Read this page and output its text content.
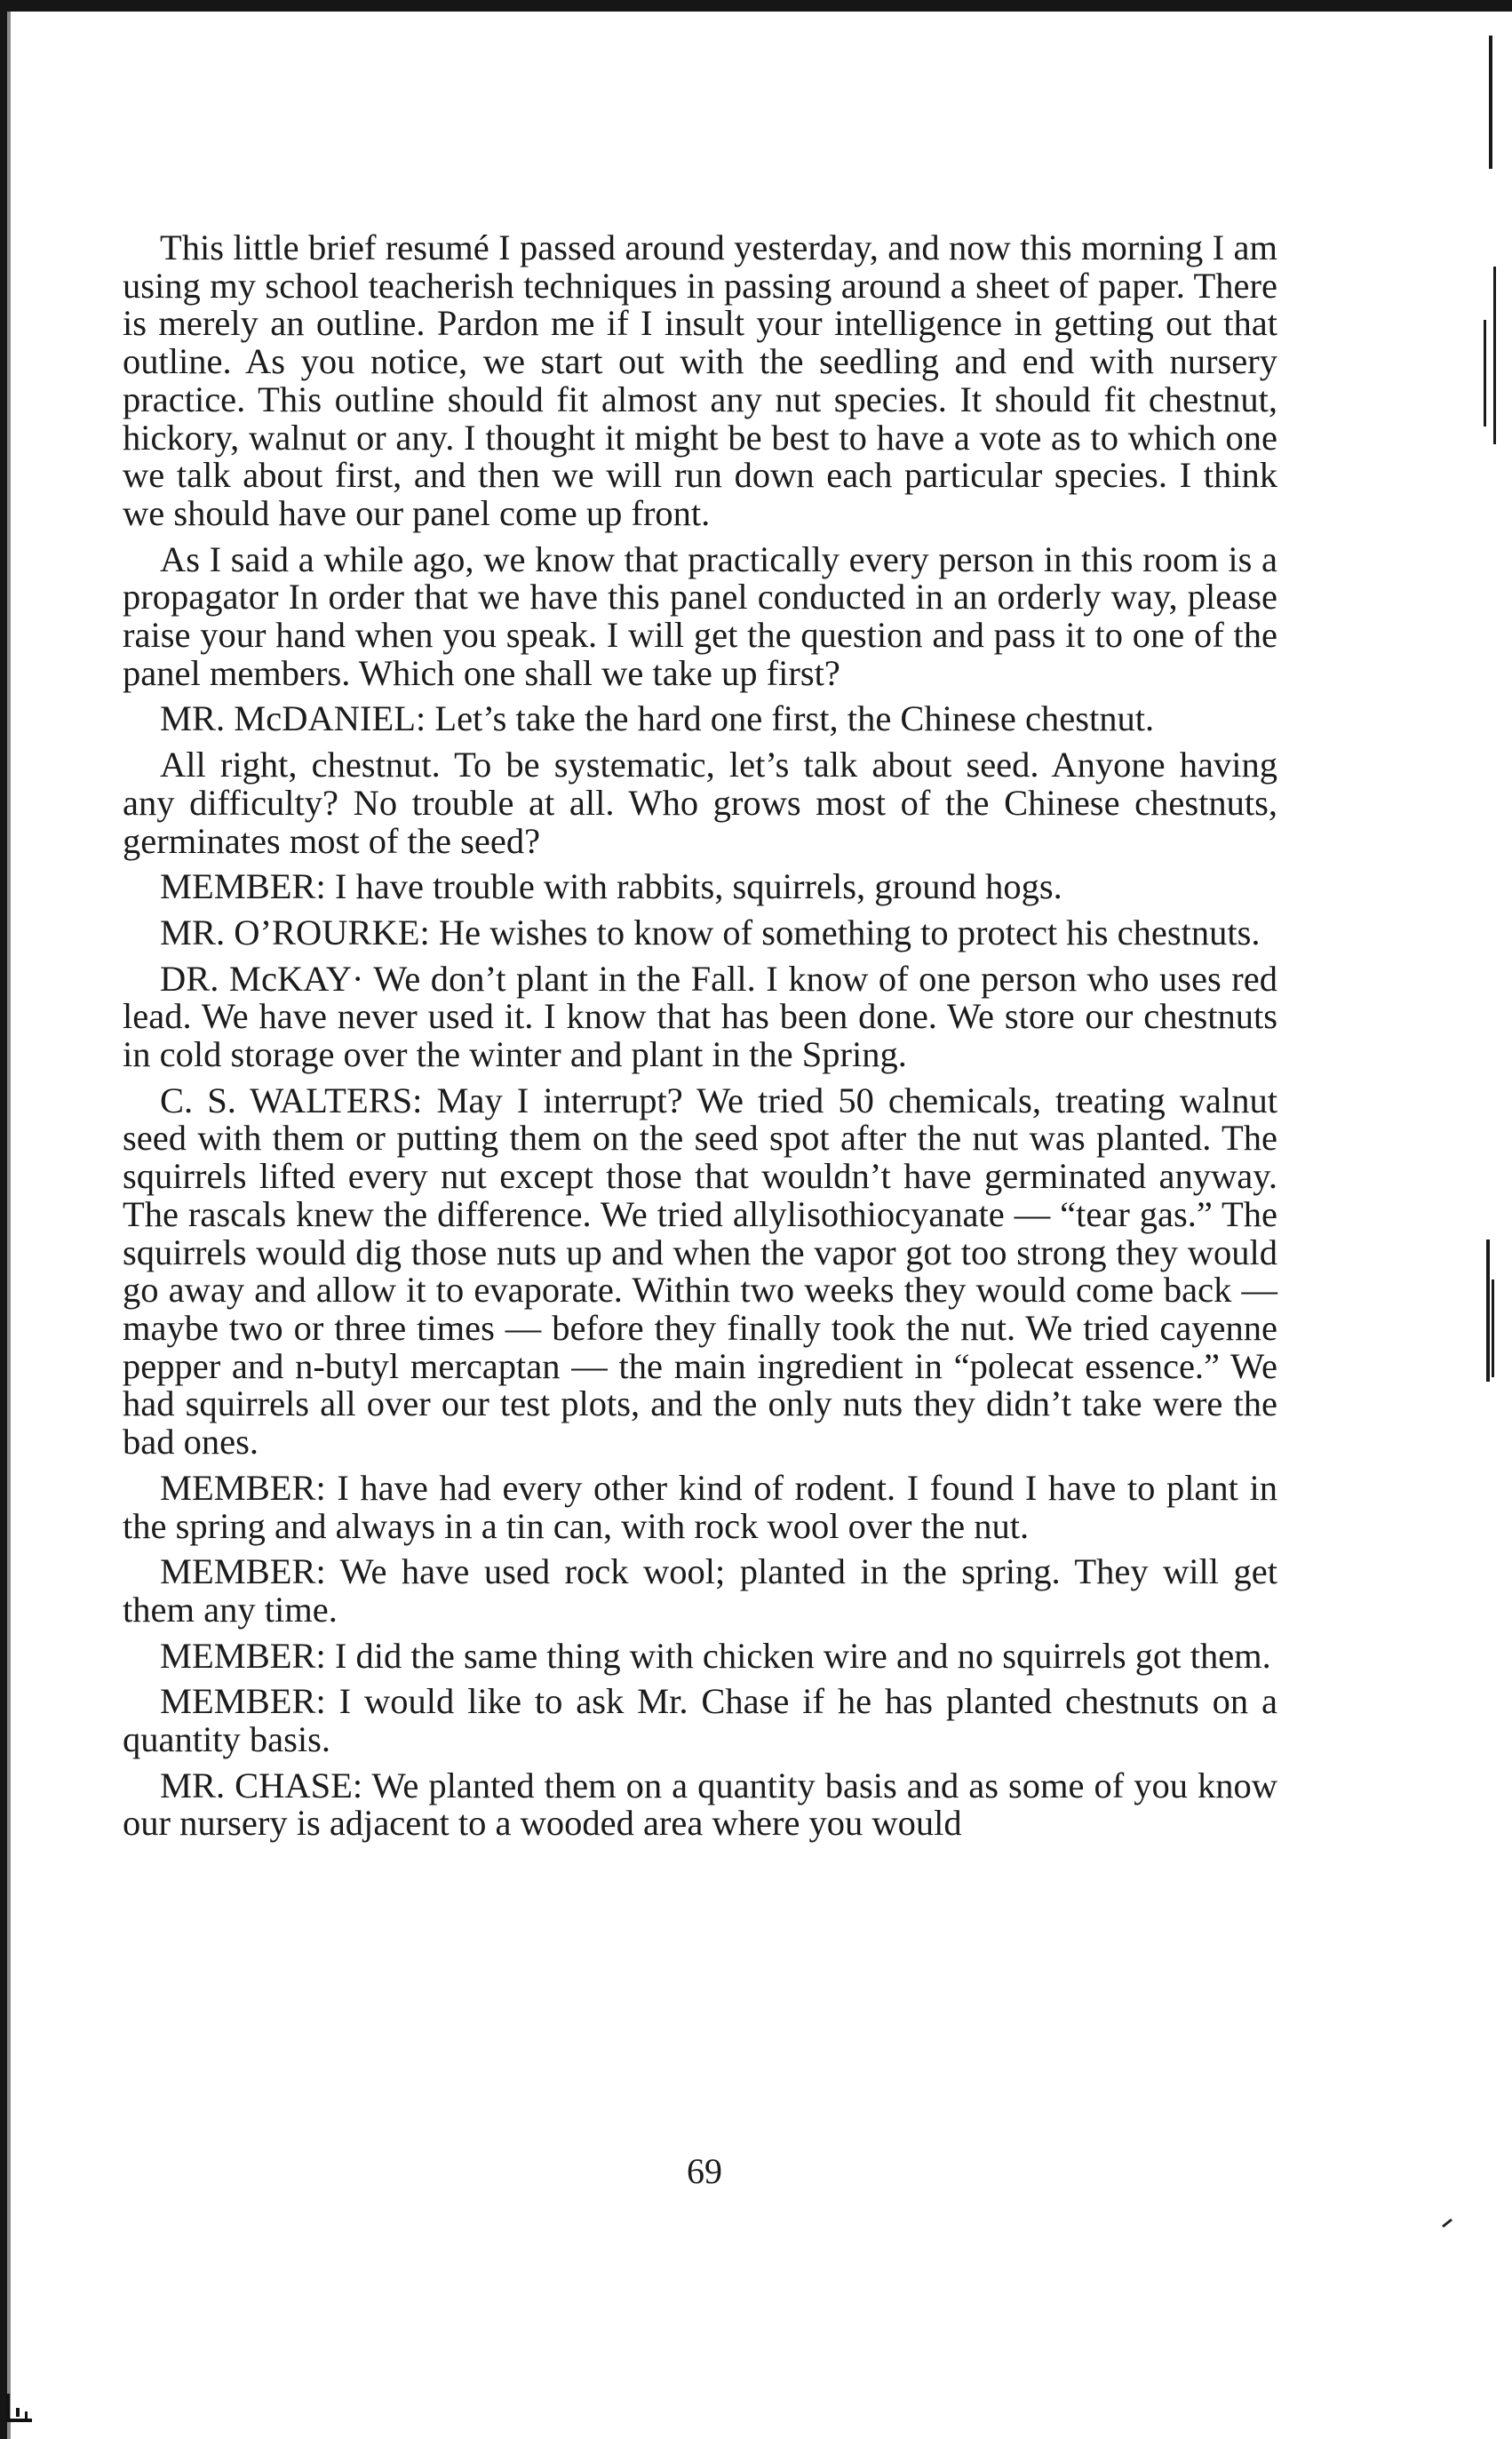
This little brief resumé I passed around yesterday, and now this morning I am using my school teacherish techniques in passing around a sheet of paper. There is merely an outline. Pardon me if I insult your intelligence in getting out that outline. As you notice, we start out with the seedling and end with nursery practice. This outline should fit almost any nut species. It should fit chestnut, hickory, walnut or any. I thought it might be best to have a vote as to which one we talk about first, and then we will run down each particular species. I think we should have our panel come up front.

As I said a while ago, we know that practically every person in this room is a propagator In order that we have this panel conducted in an orderly way, please raise your hand when you speak. I will get the question and pass it to one of the panel members. Which one shall we take up first?

MR. McDANIEL: Let’s take the hard one first, the Chinese chestnut.

All right, chestnut. To be systematic, let’s talk about seed. Anyone having any difficulty? No trouble at all. Who grows most of the Chinese chestnuts, germinates most of the seed?

MEMBER: I have trouble with rabbits, squirrels, ground hogs.

MR. O’ROURKE: He wishes to know of something to protect his chestnuts.

DR. McKAY· We don’t plant in the Fall. I know of one person who uses red lead. We have never used it. I know that has been done. We store our chestnuts in cold storage over the winter and plant in the Spring.

C. S. WALTERS: May I interrupt? We tried 50 chemicals, treating walnut seed with them or putting them on the seed spot after the nut was planted. The squirrels lifted every nut except those that wouldn’t have germinated anyway. The rascals knew the difference. We tried allylisothiocyanate — “tear gas.” The squirrels would dig those nuts up and when the vapor got too strong they would go away and allow it to evaporate. Within two weeks they would come back — maybe two or three times — before they finally took the nut. We tried cayenne pepper and n-butyl mercaptan — the main ingredient in “polecat essence.” We had squirrels all over our test plots, and the only nuts they didn’t take were the bad ones.

MEMBER: I have had every other kind of rodent. I found I have to plant in the spring and always in a tin can, with rock wool over the nut.

MEMBER: We have used rock wool; planted in the spring. They will get them any time.

MEMBER: I did the same thing with chicken wire and no squirrels got them.

MEMBER: I would like to ask Mr. Chase if he has planted chestnuts on a quantity basis.

MR. CHASE: We planted them on a quantity basis and as some of you know our nursery is adjacent to a wooded area where you would

69
